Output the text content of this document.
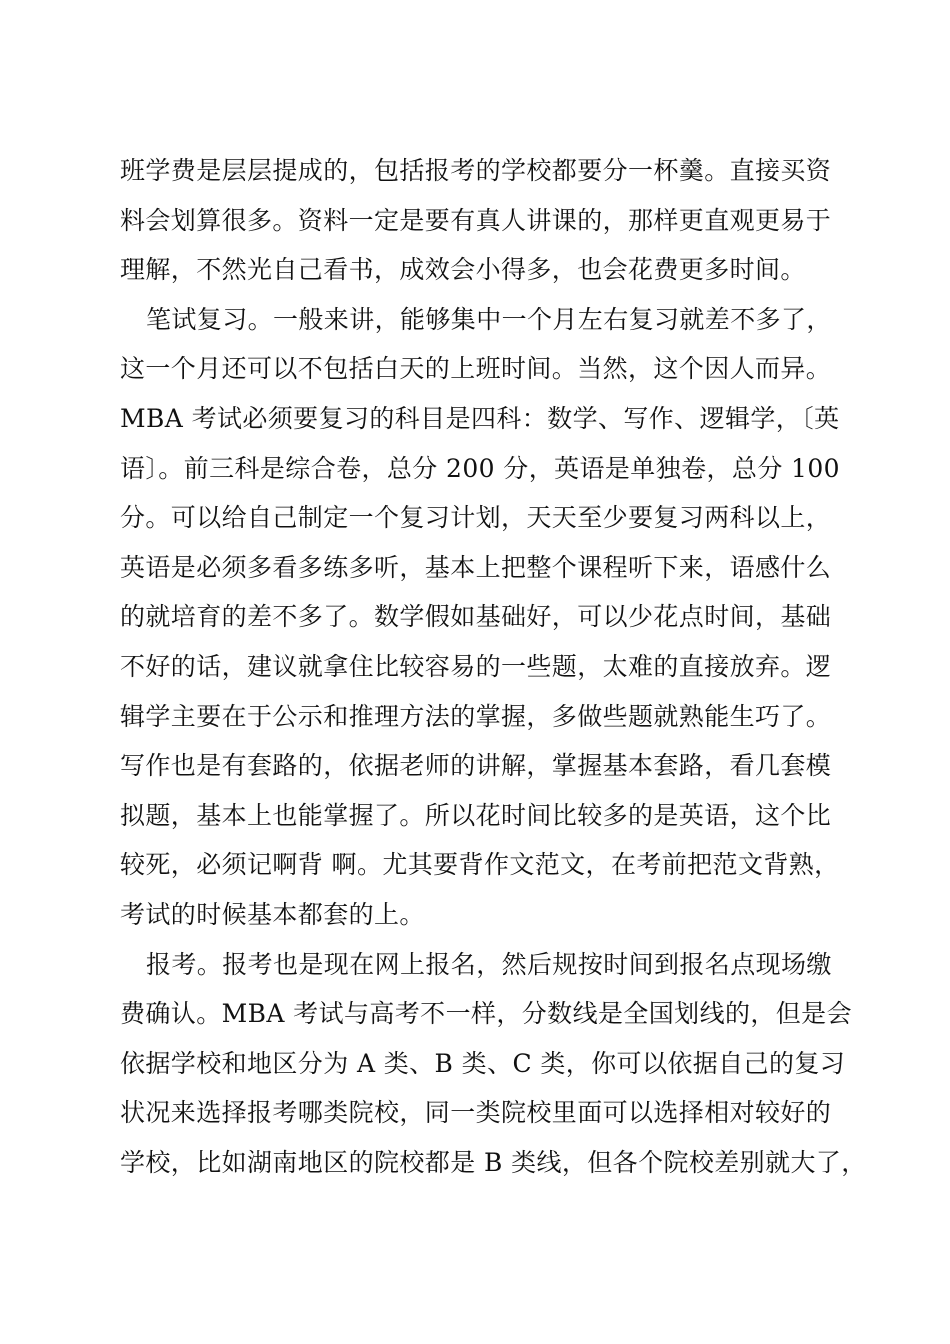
班学费是层层提成的，包括报考的学校都要分一杯羹。直接买资
料会划算很多。资料一定是要有真人讲课的，那样更直观更易于
理解，不然光自己看书，成效会小得多，也会花费更多时间。
笔试复习。一般来讲，能够集中一个月左右复习就差不多了，
这一个月还可以不包括白天的上班时间。当然，这个因人而异。
MBA 考试必须要复习的科目是四科：数学、写作、逻辑学，〔英
语〕。前三科是综合卷，总分 200 分，英语是单独卷，总分 100
分。可以给自己制定一个复习计划，天天至少要复习两科以上，
英语是必须多看多练多听，基本上把整个课程听下来，语感什么
的就培育的差不多了。数学假如基础好，可以少花点时间，基础
不好的话，建议就拿住比较容易的一些题，太难的直接放弃。逻
辑学主要在于公示和推理方法的掌握，多做些题就熟能生巧了。
写作也是有套路的，依据老师的讲解，掌握基本套路，看几套模
拟题，基本上也能掌握了。所以花时间比较多的是英语，这个比
较死，必须记啊背 啊。尤其要背作文范文，在考前把范文背熟，
考试的时候基本都套的上。
报考。报考也是现在网上报名，然后规按时间到报名点现场缴
费确认。MBA 考试与高考不一样，分数线是全国划线的，但是会
依据学校和地区分为 A 类、B 类、C 类，你可以依据自己的复习
状况来选择报考哪类院校，同一类院校里面可以选择相对较好的
学校，比如湖南地区的院校都是 B 类线，但各个院校差别就大了，
